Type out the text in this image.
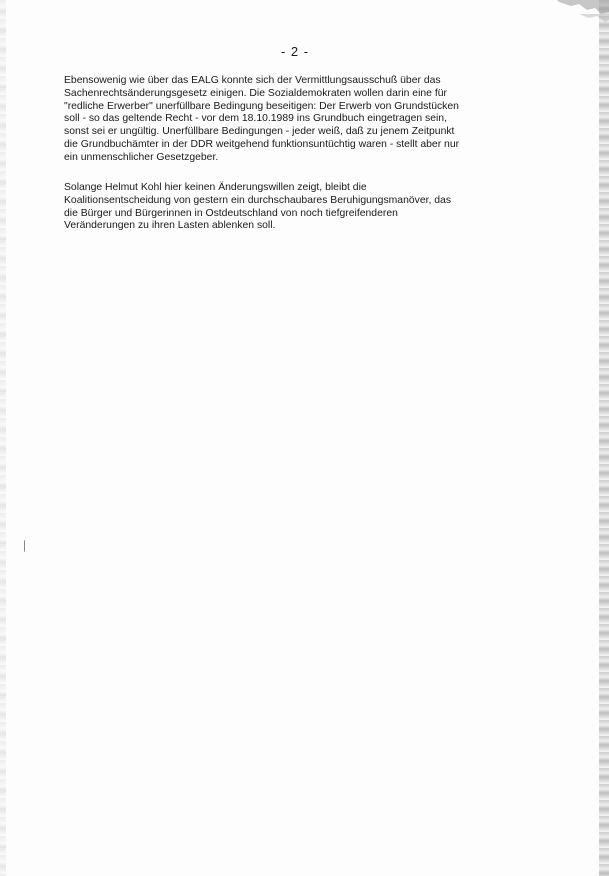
- 2 -

Ebensowenig wie über das EALG konnte sich der Vermittlungsausschuß über das
Sachenrechtsänderungsgesetz einigen. Die Sozialdemokraten wollen darin eine für
"redliche Erwerber" unerfüllbare Bedingung beseitigen: Der Erwerb von Grundstücken
soll - so das geltende Recht - vor dem 18.10.1989 ins Grundbuch eingetragen sein,
sonst sei er ungültig. Unerfüllbare Bedingungen - jeder weiß, daß zu jenem Zeitpunkt
die Grundbuchämter in der DDR weitgehend funktionsuntüchtig waren - stellt aber nur
ein unmenschlicher Gesetzgeber.

Solange Helmut Kohl hier keinen Änderungswillen zeigt, bleibt die
Koalitionsentscheidung von gestern ein durchschaubares Beruhigungsmanöver, das
die Bürger und Bürgerinnen in Ostdeutschland von noch tiefgreifenderen
Veränderungen zu ihren Lasten ablenken soll.
